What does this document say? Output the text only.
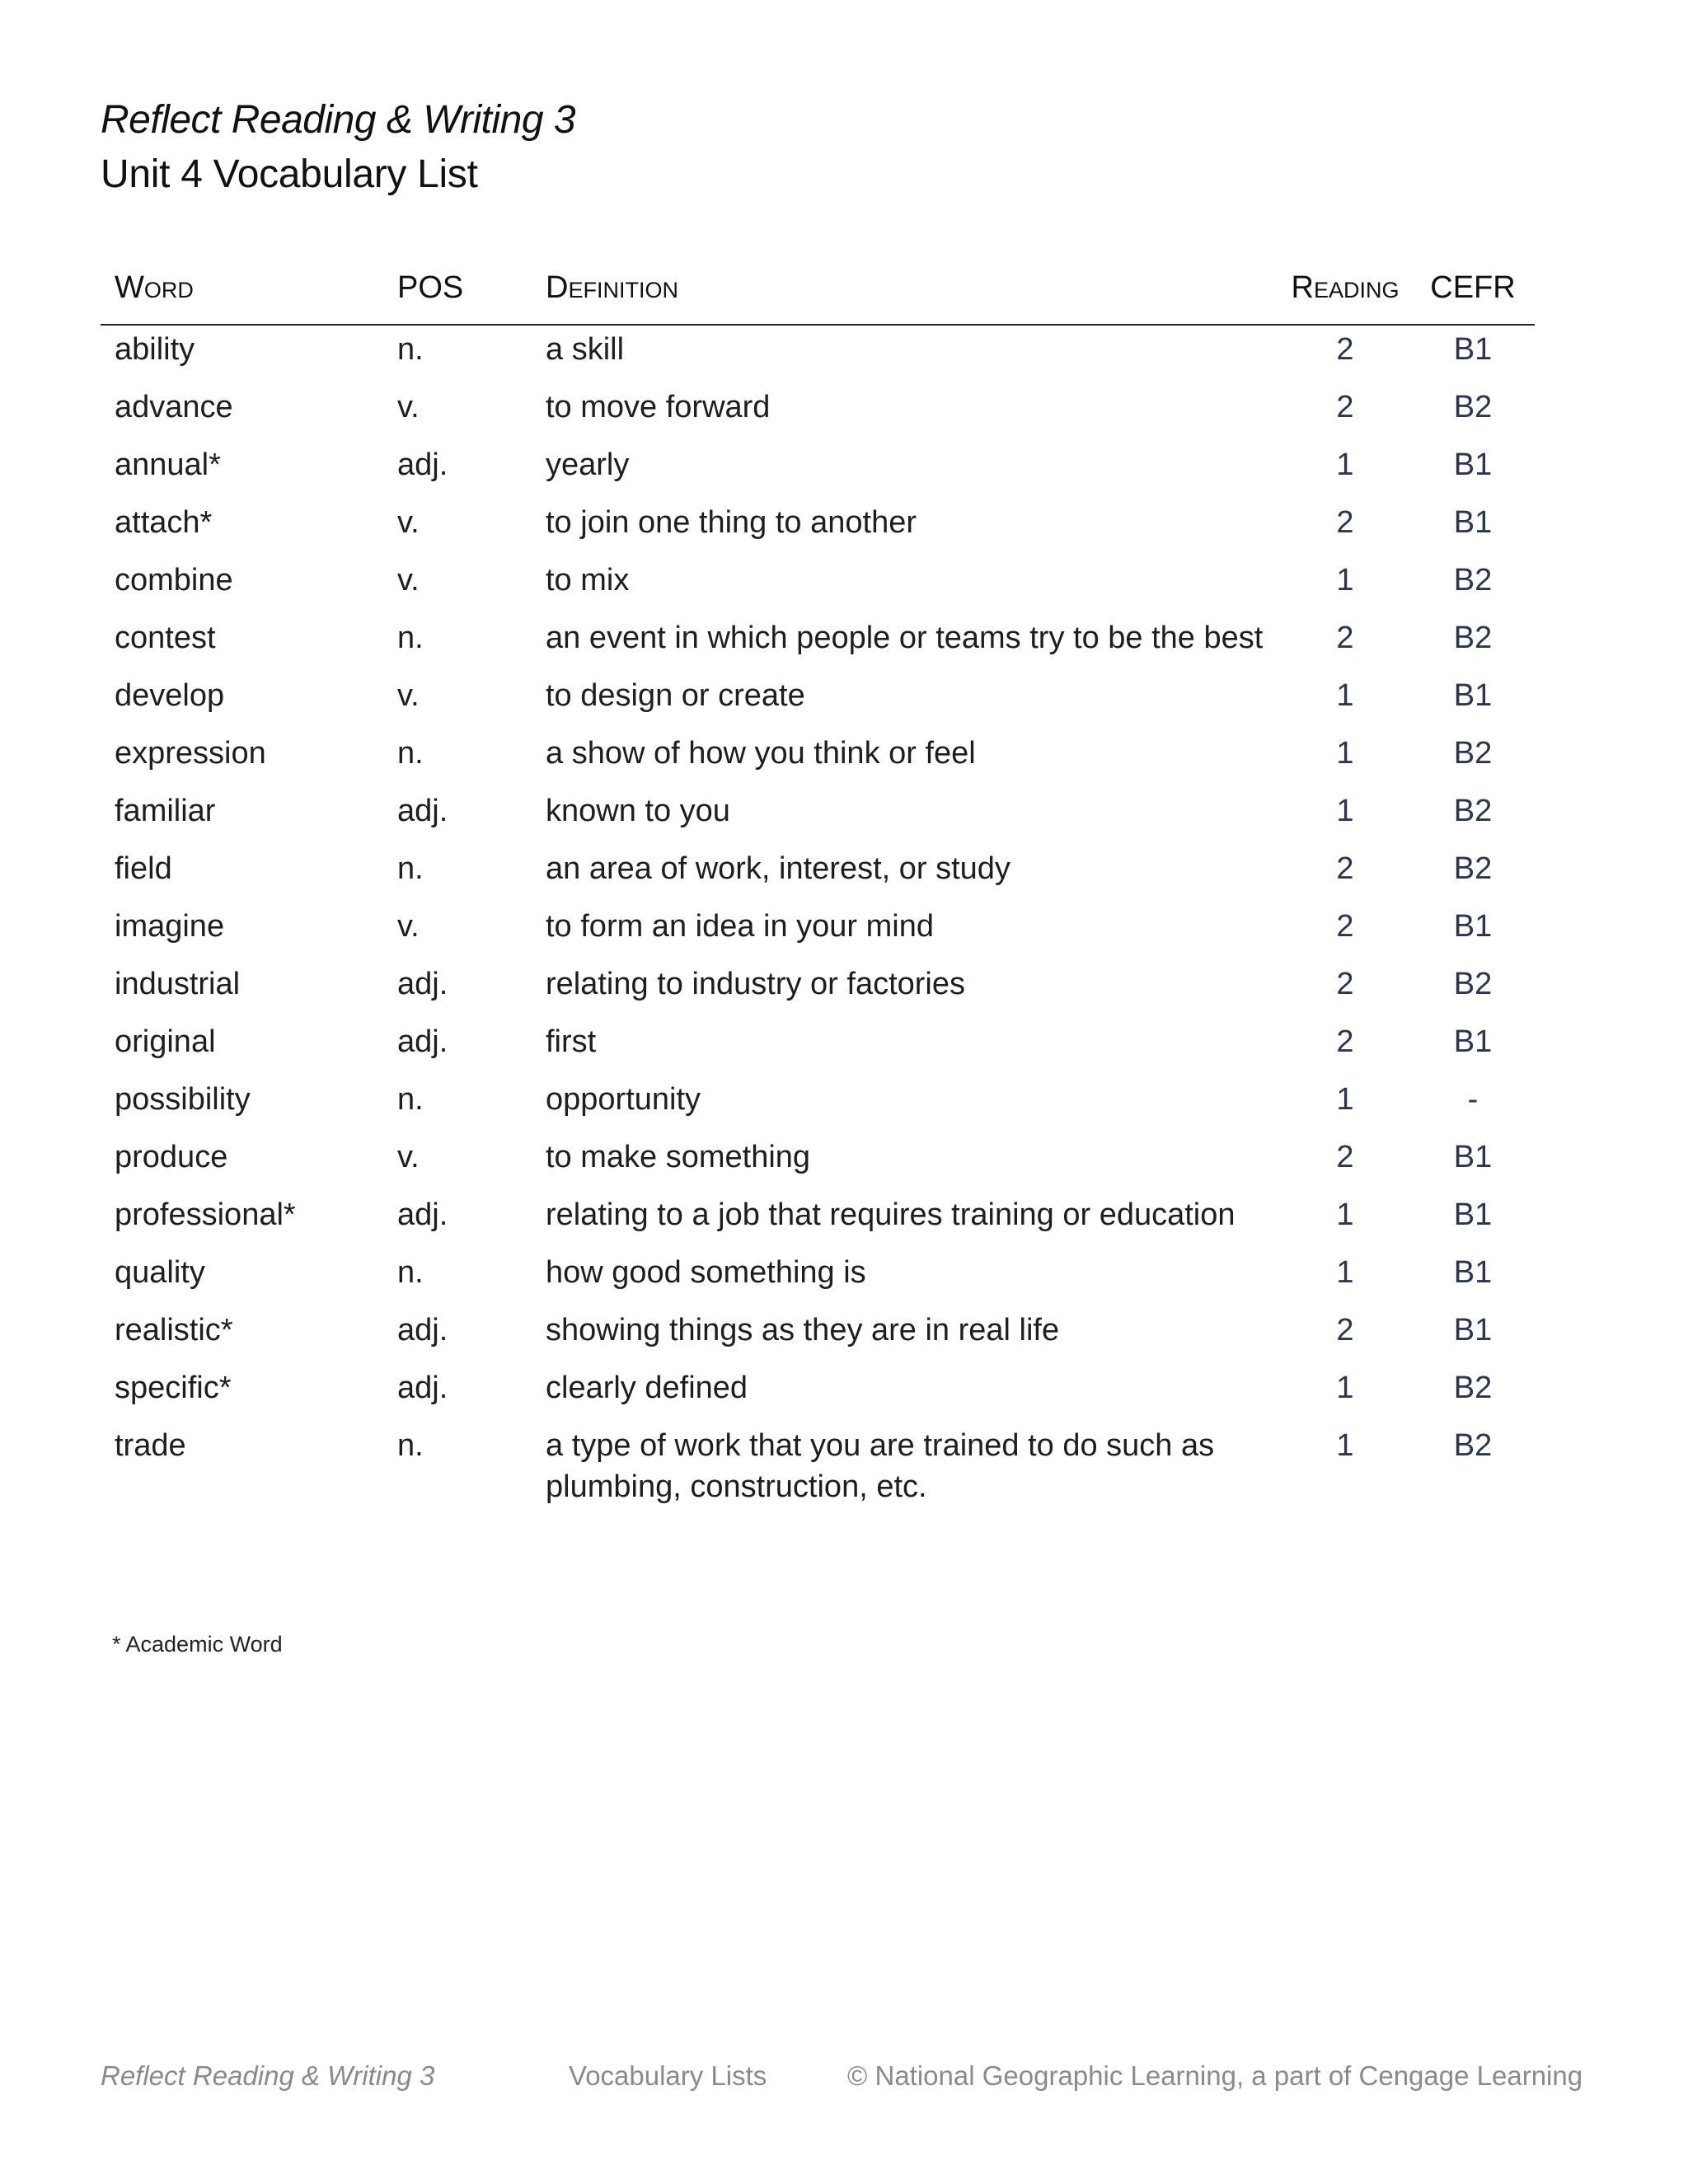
Reflect Reading & Writing 3
Unit 4 Vocabulary List
Word	POS	Definition	Reading	CEFR
ability	n.	a skill	2	B1
advance	v.	to move forward	2	B2
annual*	adj.	yearly	1	B1
attach*	v.	to join one thing to another	2	B1
combine	v.	to mix	1	B2
contest	n.	an event in which people or teams try to be the best	2	B2
develop	v.	to design or create	1	B1
expression	n.	a show of how you think or feel	1	B2
familiar	adj.	known to you	1	B2
field	n.	an area of work, interest, or study	2	B2
imagine	v.	to form an idea in your mind	2	B1
industrial	adj.	relating to industry or factories	2	B2
original	adj.	first	2	B1
possibility	n.	opportunity	1	-
produce	v.	to make something	2	B1
professional*	adj.	relating to a job that requires training or education	1	B1
quality	n.	how good something is	1	B1
realistic*	adj.	showing things as they are in real life	2	B1
specific*	adj.	clearly defined	1	B2
trade	n.	a type of work that you are trained to do such as plumbing, construction, etc.	1	B2
* Academic Word
Reflect Reading & Writing 3	Vocabulary Lists	© National Geographic Learning, a part of Cengage Learning
